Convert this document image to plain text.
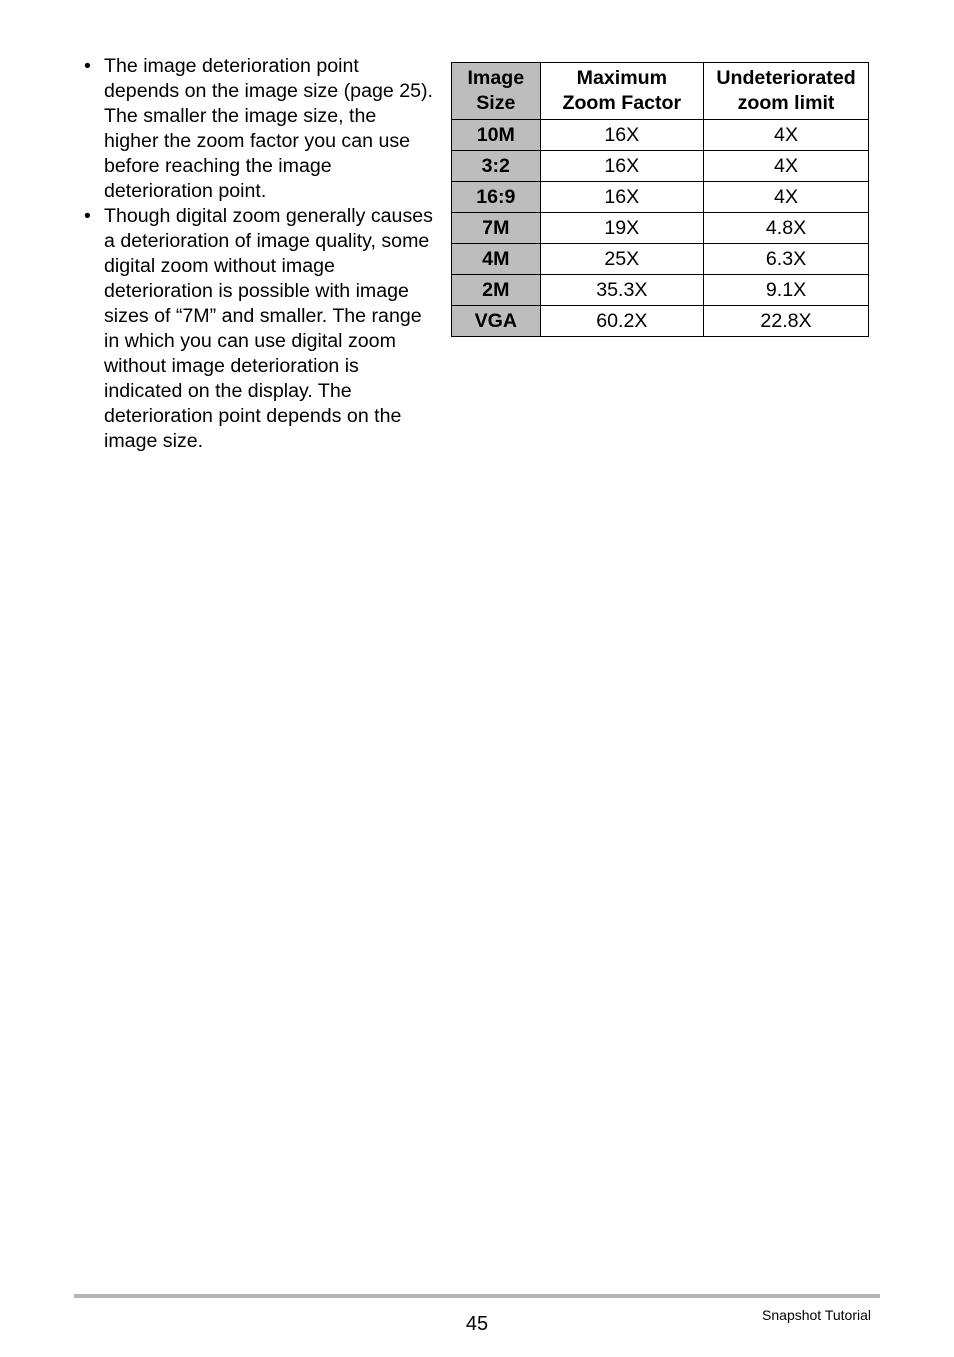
• The image deterioration point depends on the image size (page 25). The smaller the image size, the higher the zoom factor you can use before reaching the image deterioration point.
• Though digital zoom generally causes a deterioration of image quality, some digital zoom without image deterioration is possible with image sizes of “7M” and smaller. The range in which you can use digital zoom without image deterioration is indicated on the display. The deterioration point depends on the image size.
Image Size	Maximum Zoom Factor	Undeteriorated zoom limit
10M	16X	4X
3:2	16X	4X
16:9	16X	4X
7M	19X	4.8X
4M	25X	6.3X
2M	35.3X	9.1X
VGA	60.2X	22.8X
45	Snapshot Tutorial
